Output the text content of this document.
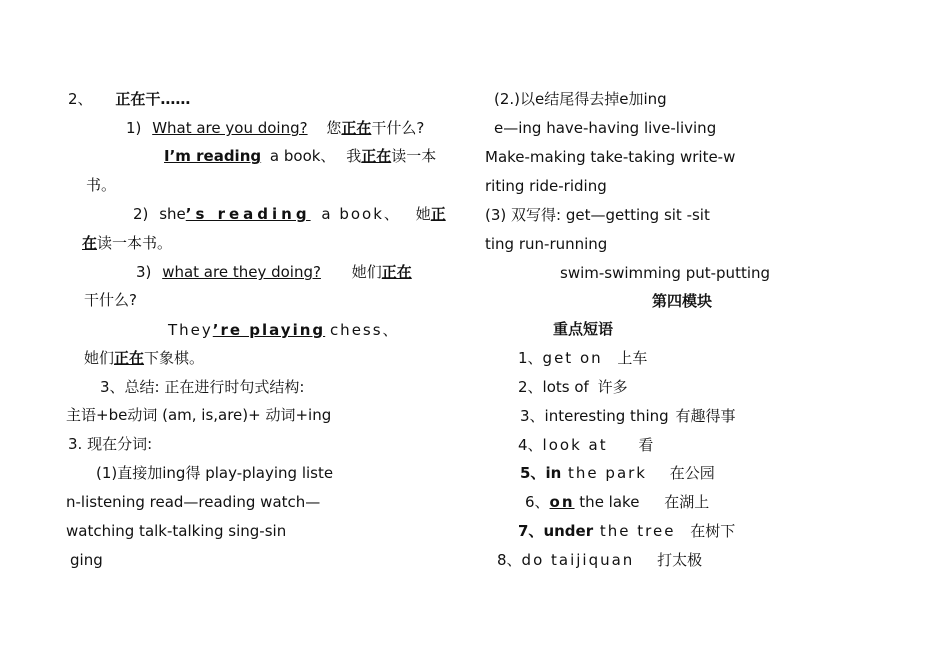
2、 正在干……
1) What are you doing? 您正在干什么?
I’m reading a book、 我正在读一本
书。
2) she’s reading a book、 她正
在读一本书。
3) what are they doing? 她们正在
干什么?
They’re playing chess、
她们正在下象棋。
3、总结: 正在进行时句式结构:
主语+be动词 (am, is,are)+ 动词+ing
3. 现在分词:
(1)直接加ing得 play-playing liste
n-listening read—reading watch—
watching talk-talking sing-sin
ging
(2.)以e结尾得去掉e加ing
e—ing have-having live-living
Make-making take-taking write-w
riting ride-riding
(3) 双写得: get—getting sit -sit
ting run-running
swim-swimming put-putting
第四模块
重点短语
1、get on 上车
2、lots of 许多
3、interesting thing 有趣得事
4、look at 看
5、in the park 在公园
6、on the lake 在湖上
7、under the tree 在树下
8、do taijiquan 打太极
